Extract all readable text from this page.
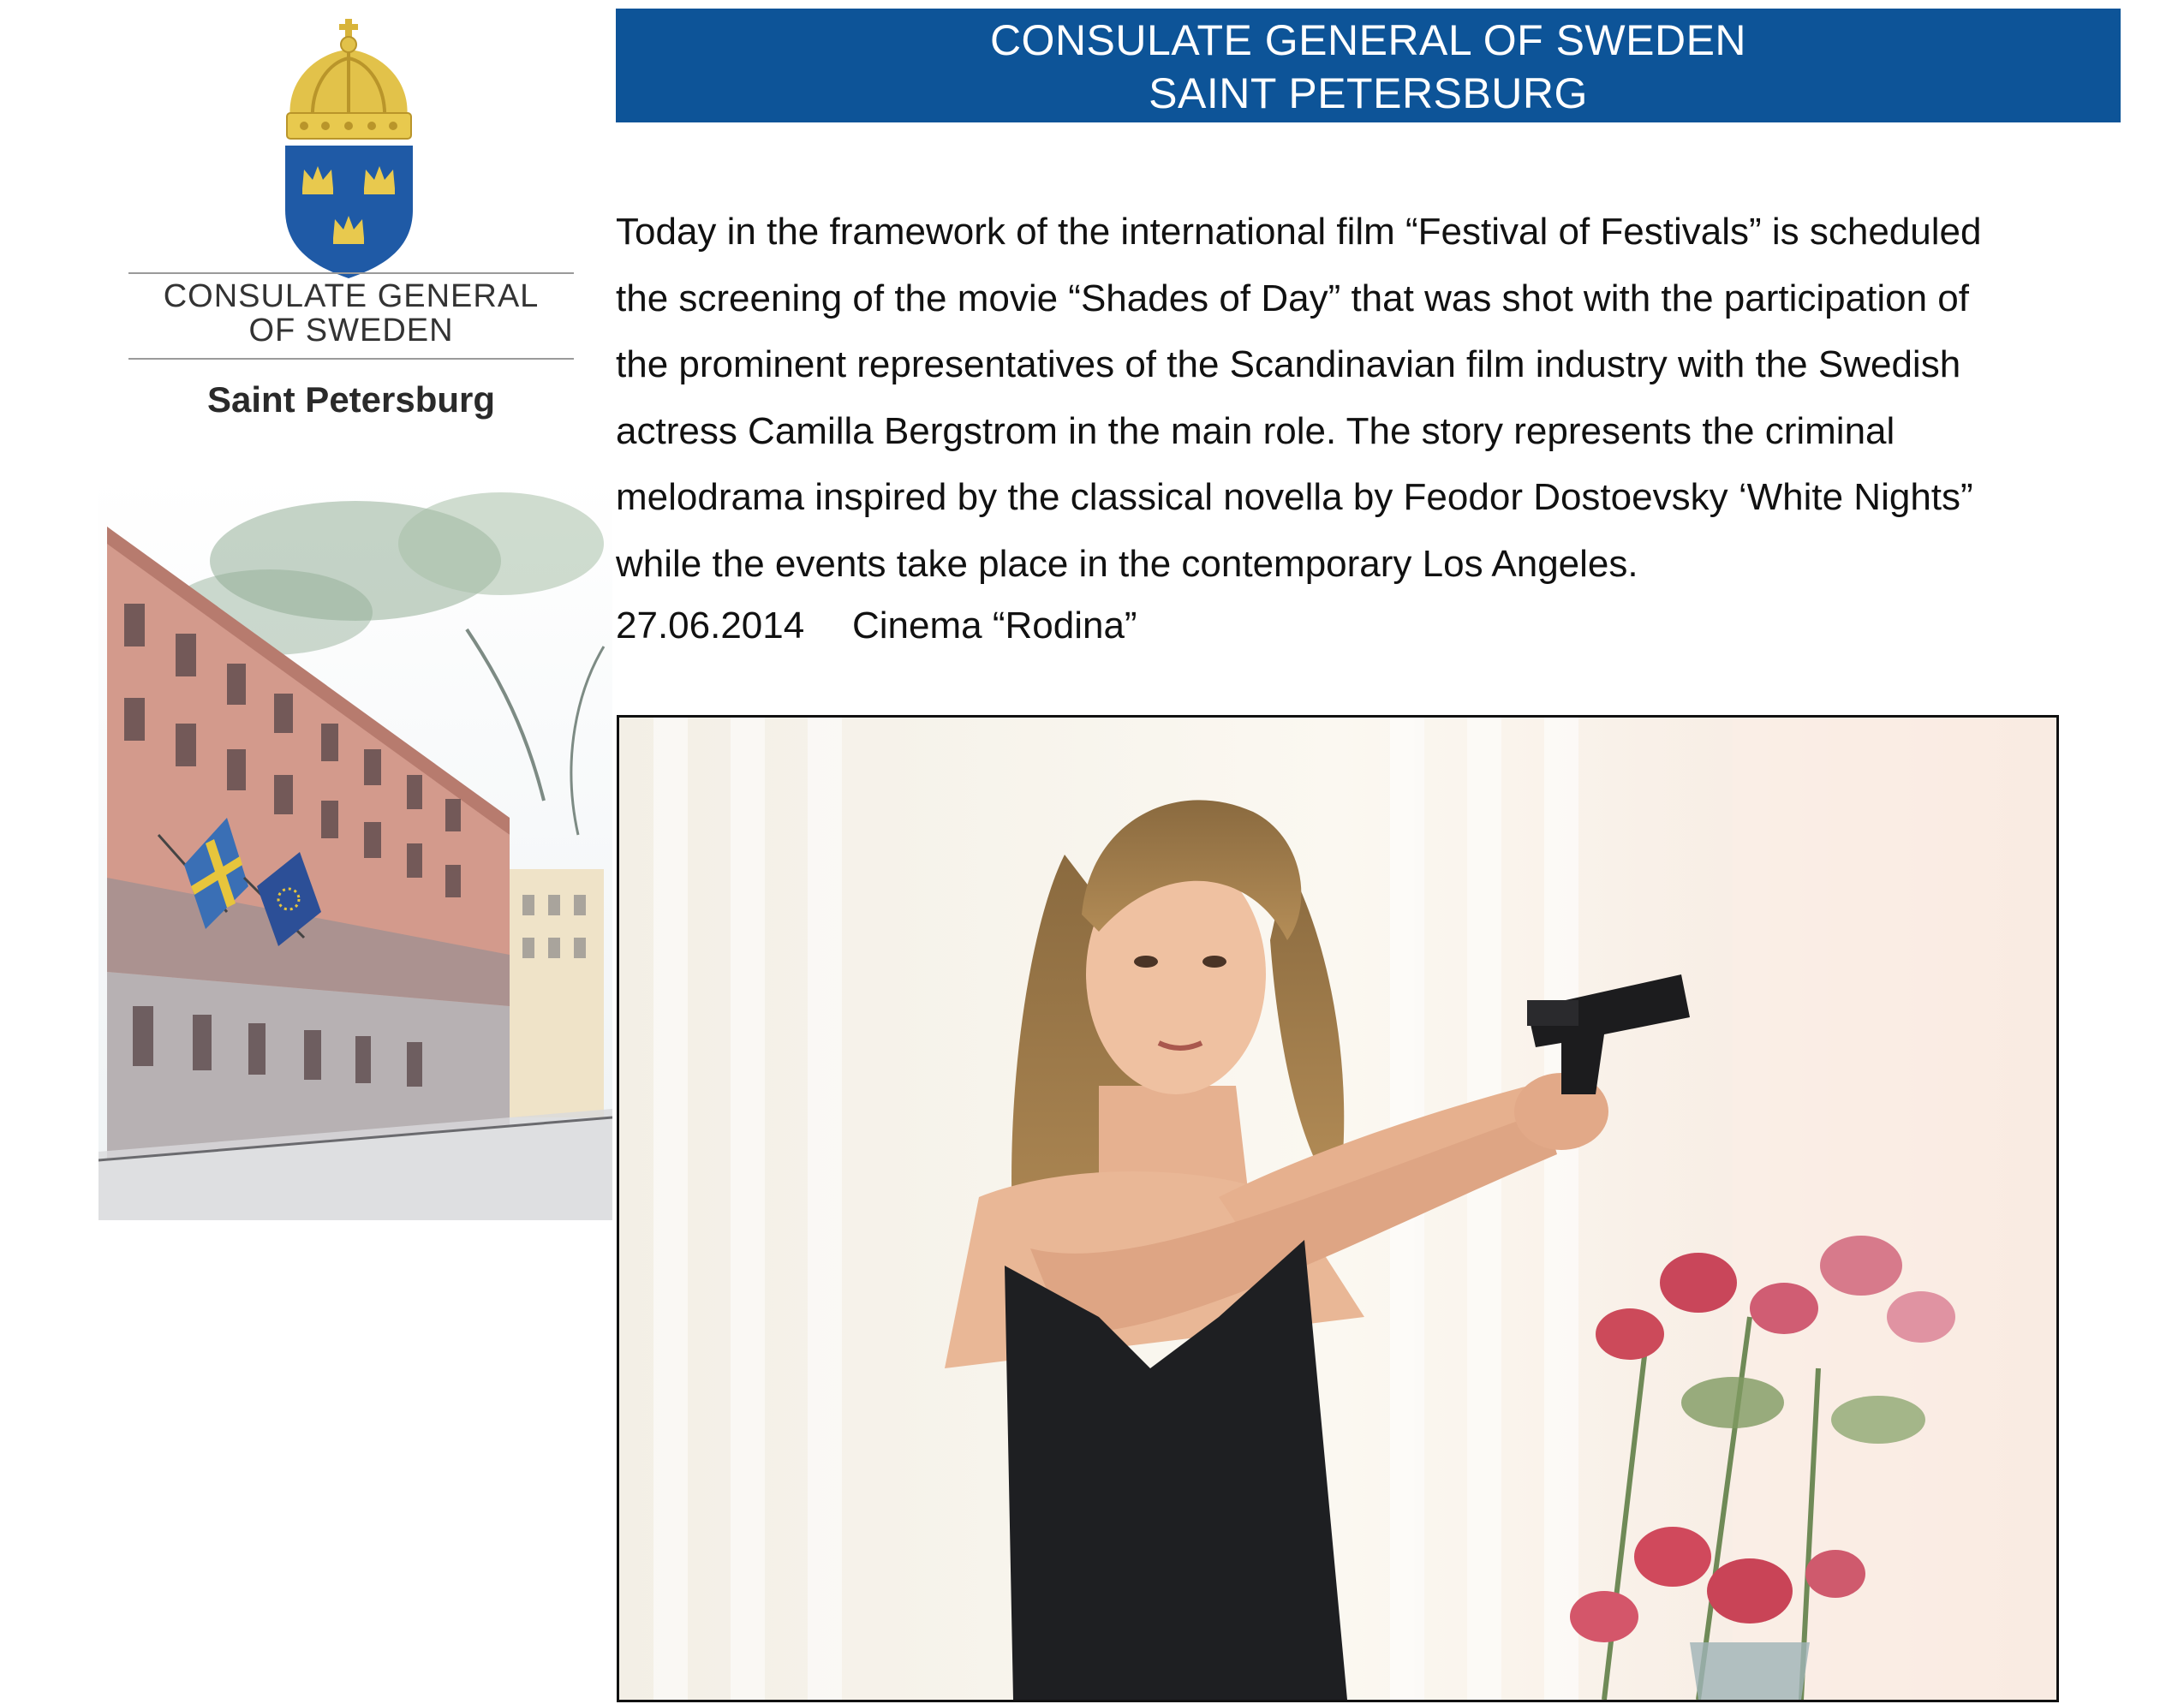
CONSULATE GENERAL OF SWEDEN
SAINT PETERSBURG
CONSULATE GENERAL
OF SWEDEN
Saint Petersburg

Today in the framework of the international film “Festival of Festivals” is scheduled

the screening of the movie “Shades of Day” that was shot with the participation of

the prominent representatives of the Scandinavian film industry with the Swedish

actress Camilla Bergstrom in the main role. The story represents the criminal

melodrama inspired by the classical novella by Feodor Dostoevsky ‘White Nights”

while the events take place in the contemporary Los Angeles.

27.06.2014 Cinema “Rodina”
